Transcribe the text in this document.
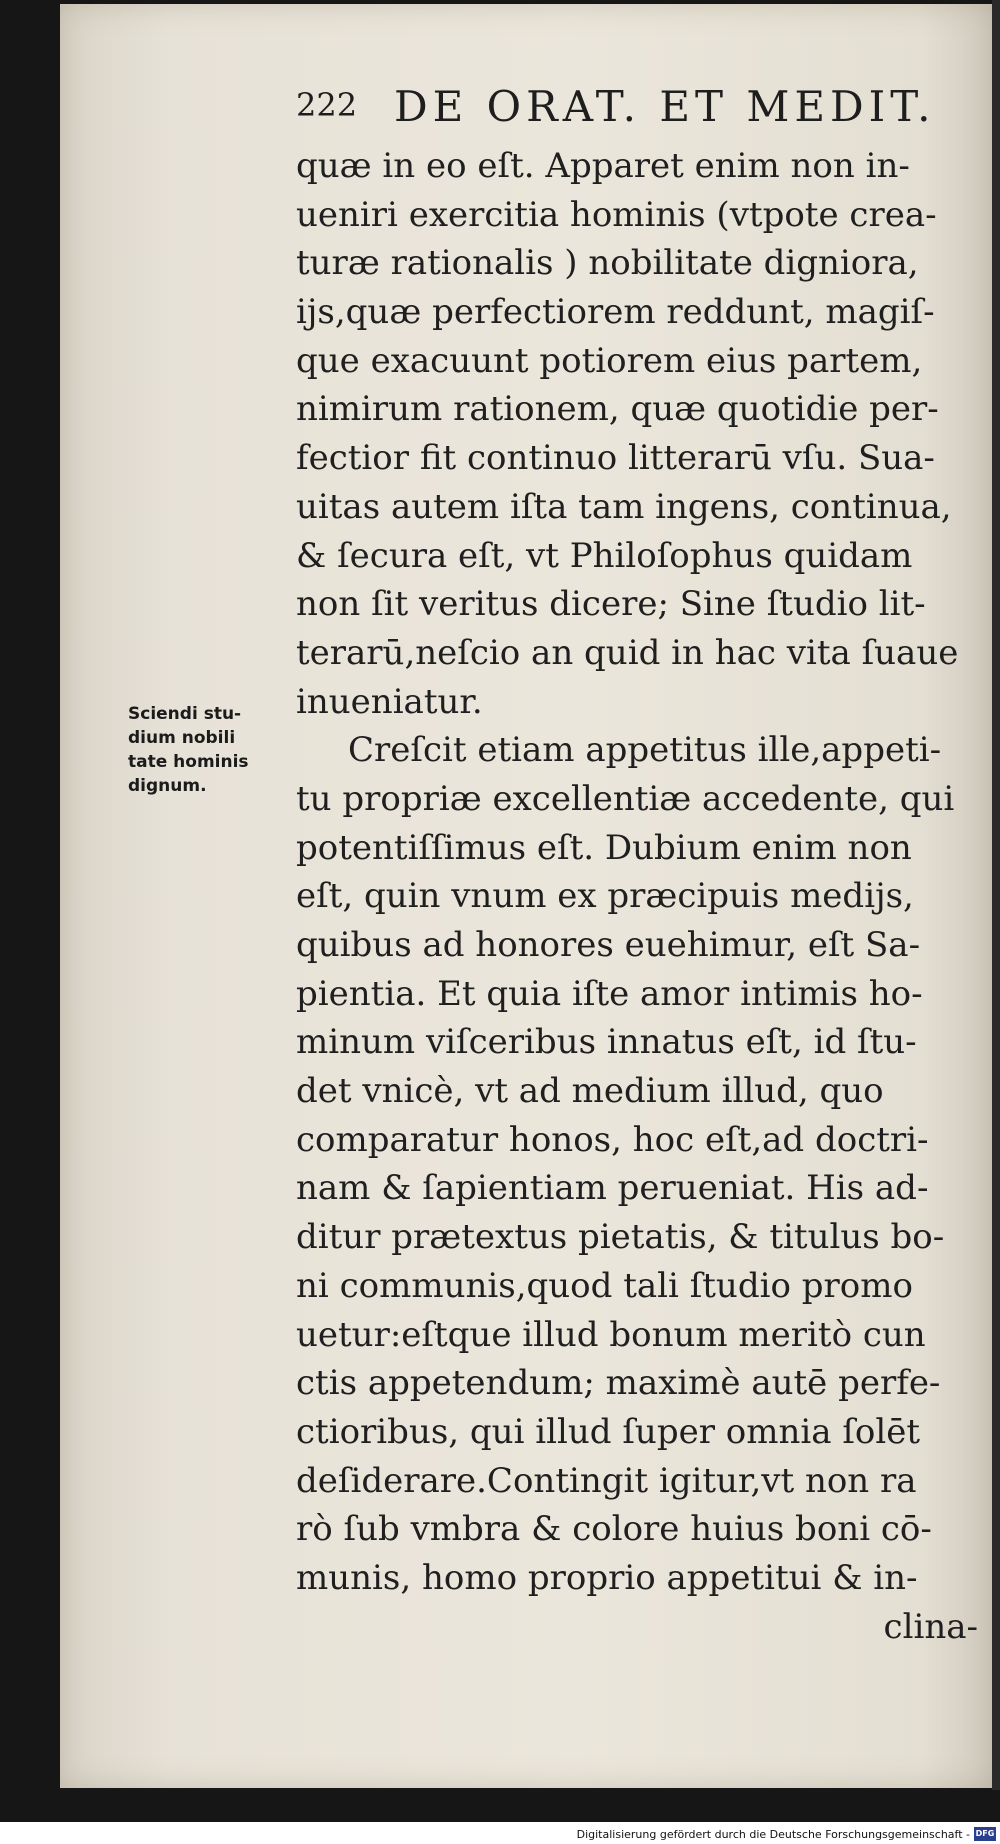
222 DE ORAT. ET MEDIT.
Sciendi stu-
dium nobili
tate hominis
dignum.
quæ in eo eſt. Apparet enim non in-
ueniri exercitia hominis (vtpote crea-
turæ rationalis ) nobilitate digniora,
ijs,quæ perfectiorem reddunt, magiſ-
que exacuunt potiorem eius partem,
nimirum rationem, quæ quotidie per-
fectior fit continuo litterarū vſu. Sua-
uitas autem iſta tam ingens, continua,
& ſecura eſt, vt Philoſophus quidam
non ſit veritus dicere; Sine ſtudio lit-
terarū,neſcio an quid in hac vita ſuaue
inueniatur.
Creſcit etiam appetitus ille,appeti-
tu propriæ excellentiæ accedente, qui
potentiſſimus eſt. Dubium enim non
eſt, quin vnum ex præcipuis medijs,
quibus ad honores euehimur, eſt Sa-
pientia. Et quia iſte amor intimis ho-
minum viſceribus innatus eſt, id ſtu-
det vnicè, vt ad medium illud, quo
comparatur honos, hoc eſt,ad doctri-
nam & ſapientiam perueniat. His ad-
ditur prætextus pietatis, & titulus bo-
ni communis,quod tali ſtudio promo
uetur:eſtque illud bonum meritò cun
ctis appetendum; maximè autē perfe-
ctioribus, qui illud ſuper omnia ſolēt
deſiderare.Contingit igitur,vt non ra
rò ſub vmbra & colore huius boni cō-
munis, homo proprio appetitui & in-
clina-
Digitalisierung gefördert durch die Deutsche Forschungsgemeinschaft - DFG
